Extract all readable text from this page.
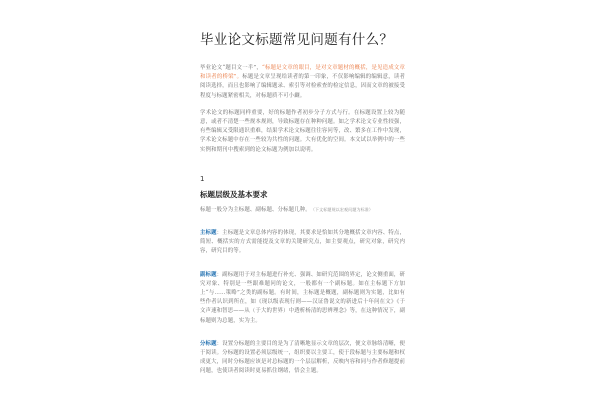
毕业论文标题常见问题有什么？
毕业论文“题目文一半”，“标题是文章的眼目，是对文章题材的概括，是见造成文章和读者的桥梁”。标题是文章呈现给读者的第一印象，不仅影响编辑的编辑意，读者阅读选择，而且也影响了编辑题录、索引等对检索查的检定信息，因而文章的被接受程度与标题紧密相关，对标题质不可小觑。
学术论文的标题同样重要，好的标题作者初步分子方式与行。在标题设置上较为随意，或者不清楚一些规本规则，导致标题存在种种问题。如之学术论文专业性较强，有些编辑又受限通识重难，结果学术论文标题往往容问等，改、繁多在工作中发现，学术论文标题中存在一些较为共性的问题。大有优化的空间。本文试以举例中的一些实例和期刊中搜索到的论文标题为例加以说明。
1
标题层级及基本要求
标题一般分为主标题、副标题、分标题几种。（下文标题规以宏观问题为标准）
主标题：主标题是文章总体内容的体现，其要求是恰如其分地概括文章内容、特点，简短、概括实的方式需能提及文章的关键研究点，如主要观点，研究对象，研究内容，研究目的等。
副标题：副标题用于对主标题进行补充、强调、如研究范围的界定，论文侧重面，研究对象、特别是一些跟难题问的论文，一般都有一个副标题。如在主标题下方加上“与……策略”之类的副标题。有时间，主标题是概题，副标题则为实题，比如有些作者认识到所在，如《现以级表现行则——汉证鲁说文的新进后十年问在文》《于文声速和智思——从（于大的世界）中透析杨清的思辨理念》等，在这种情况下，副标题则为总题，实为主。
分标题：设置分标题的主要目的是为了清晰地显示文章的层次，便文章脉络清晰，便于阅读。分标题的设置必须层级统一，组织要以主要工，使于段标题与主要标题和权成更大，同时分标题应该是对总标题的一个层层解析，反映内容和同与作者修题提前问题，也使读者阅读时更易抓住纲绪，悟会主题。
